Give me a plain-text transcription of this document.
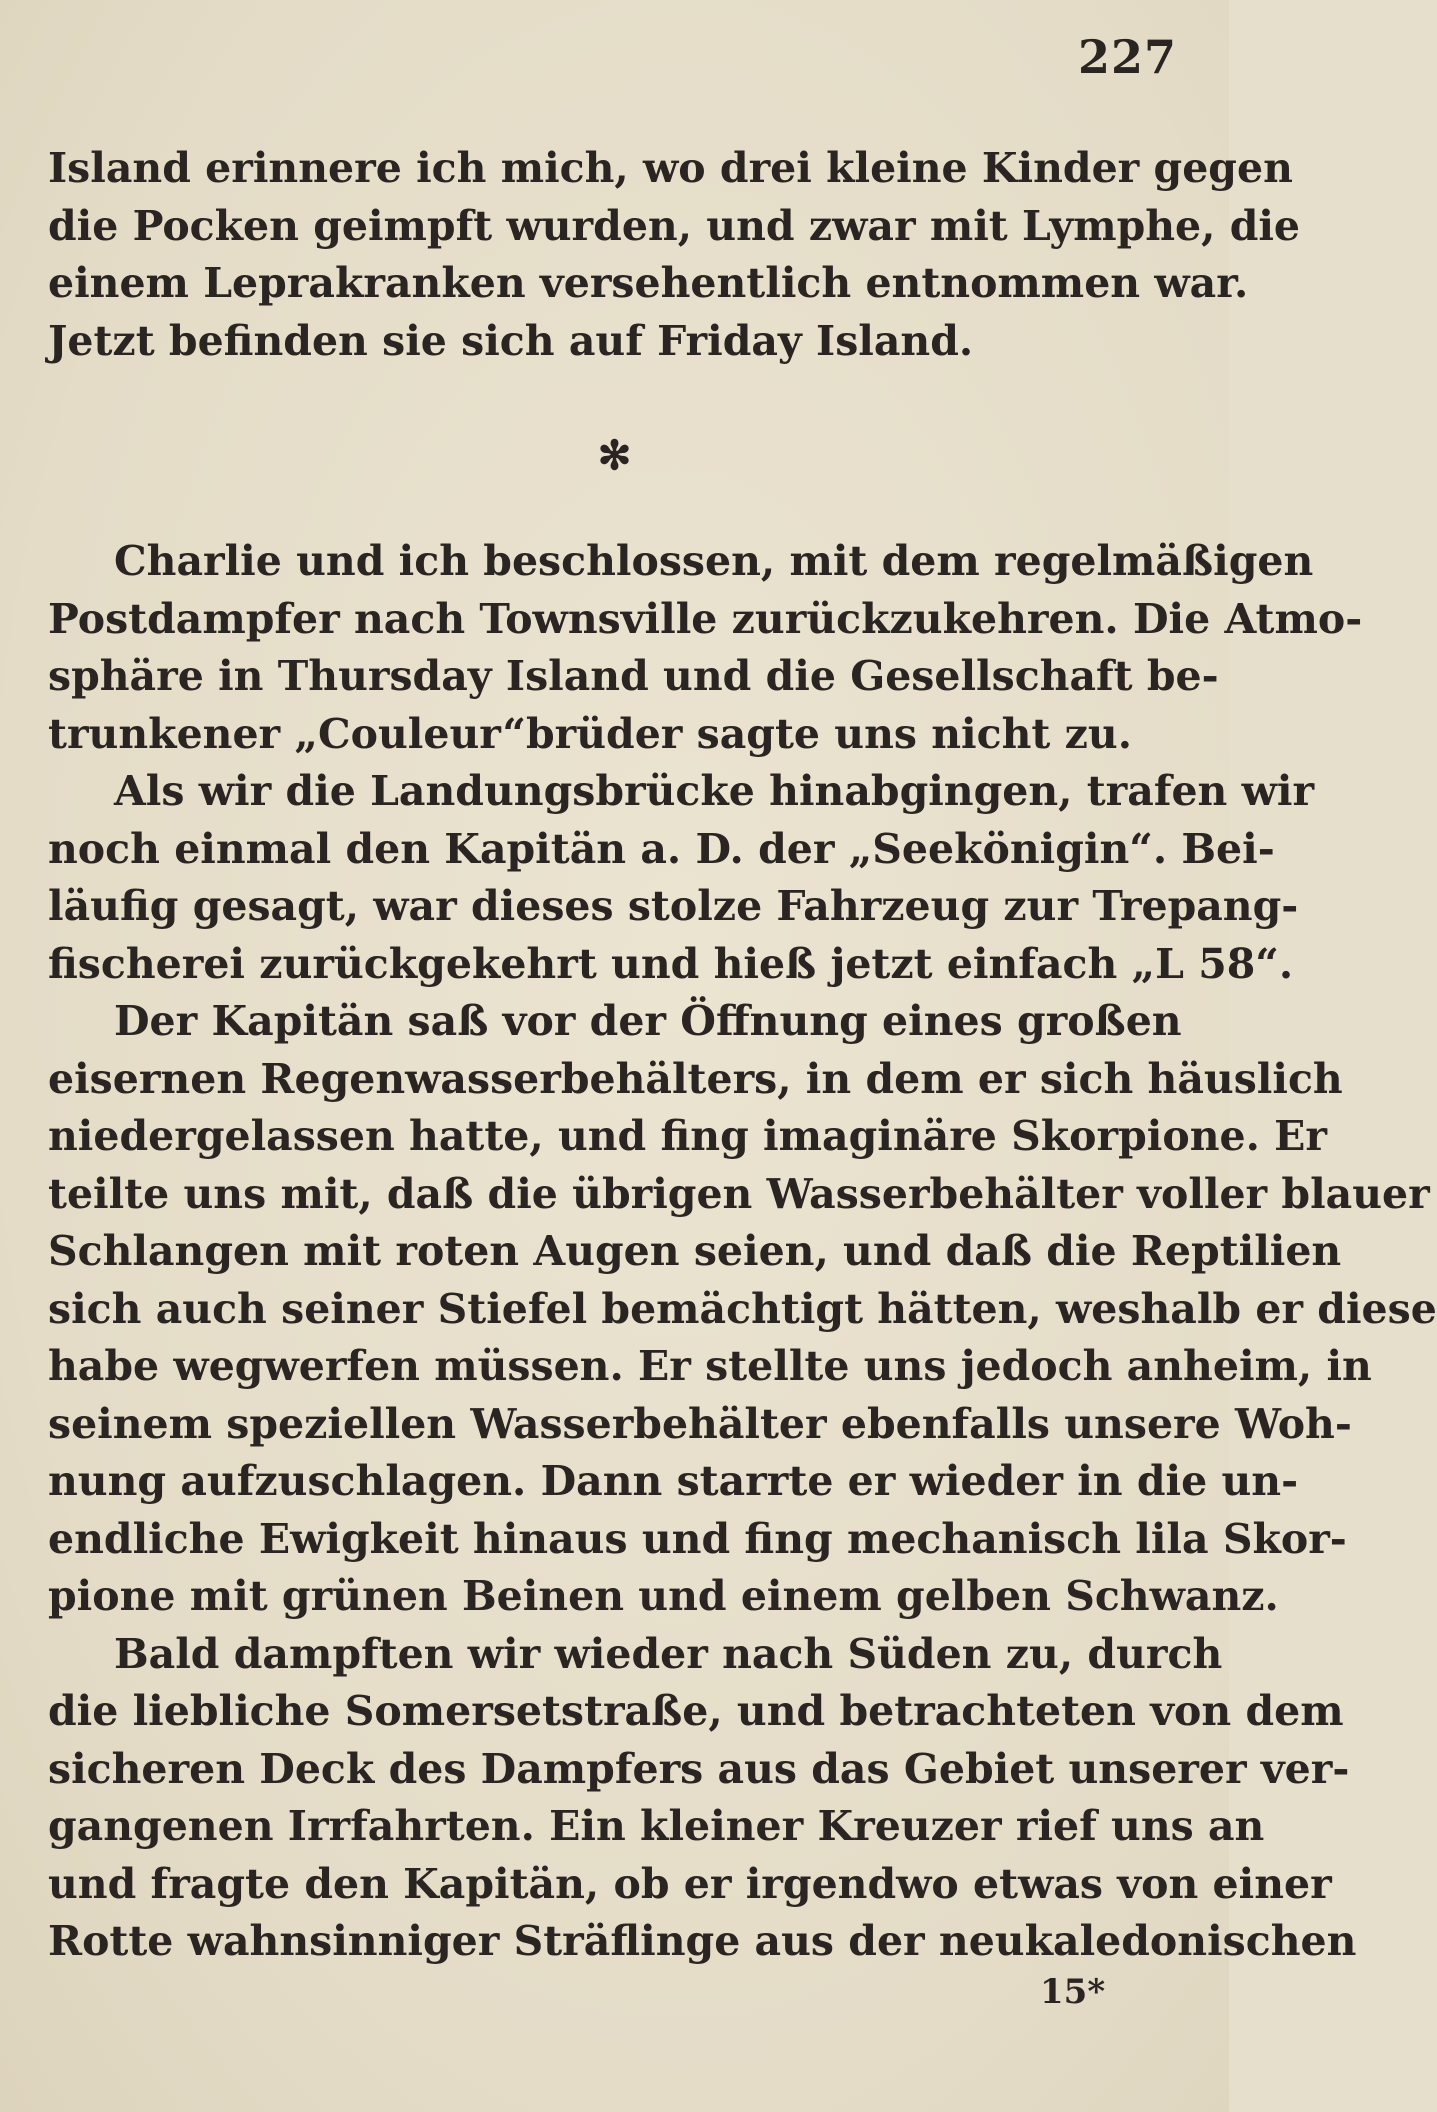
227
Island erinnere ich mich, wo drei kleine Kinder gegen
die Pocken geimpft wurden, und zwar mit Lymphe, die
einem Leprakranken versehentlich entnommen war.
Jetzt befinden sie sich auf Friday Island.
✻
Charlie und ich beschlossen, mit dem regelmäßigen
Postdampfer nach Townsville zurückzukehren. Die Atmo-
sphäre in Thursday Island und die Gesellschaft be-
trunkener „Couleur“brüder sagte uns nicht zu.
Als wir die Landungsbrücke hinabgingen, trafen wir
noch einmal den Kapitän a. D. der „Seekönigin“. Bei-
läufig gesagt, war dieses stolze Fahrzeug zur Trepang-
fischerei zurückgekehrt und hieß jetzt einfach „L 58“.
Der Kapitän saß vor der Öffnung eines großen
eisernen Regenwasserbehälters, in dem er sich häuslich
niedergelassen hatte, und fing imaginäre Skorpione. Er
teilte uns mit, daß die übrigen Wasserbehälter voller blauer
Schlangen mit roten Augen seien, und daß die Reptilien
sich auch seiner Stiefel bemächtigt hätten, weshalb er diese
habe wegwerfen müssen. Er stellte uns jedoch anheim, in
seinem speziellen Wasserbehälter ebenfalls unsere Woh-
nung aufzuschlagen. Dann starrte er wieder in die un-
endliche Ewigkeit hinaus und fing mechanisch lila Skor-
pione mit grünen Beinen und einem gelben Schwanz.
Bald dampften wir wieder nach Süden zu, durch
die liebliche Somersetstraße, und betrachteten von dem
sicheren Deck des Dampfers aus das Gebiet unserer ver-
gangenen Irrfahrten. Ein kleiner Kreuzer rief uns an
und fragte den Kapitän, ob er irgendwo etwas von einer
Rotte wahnsinniger Sträflinge aus der neukaledonischen
15*
